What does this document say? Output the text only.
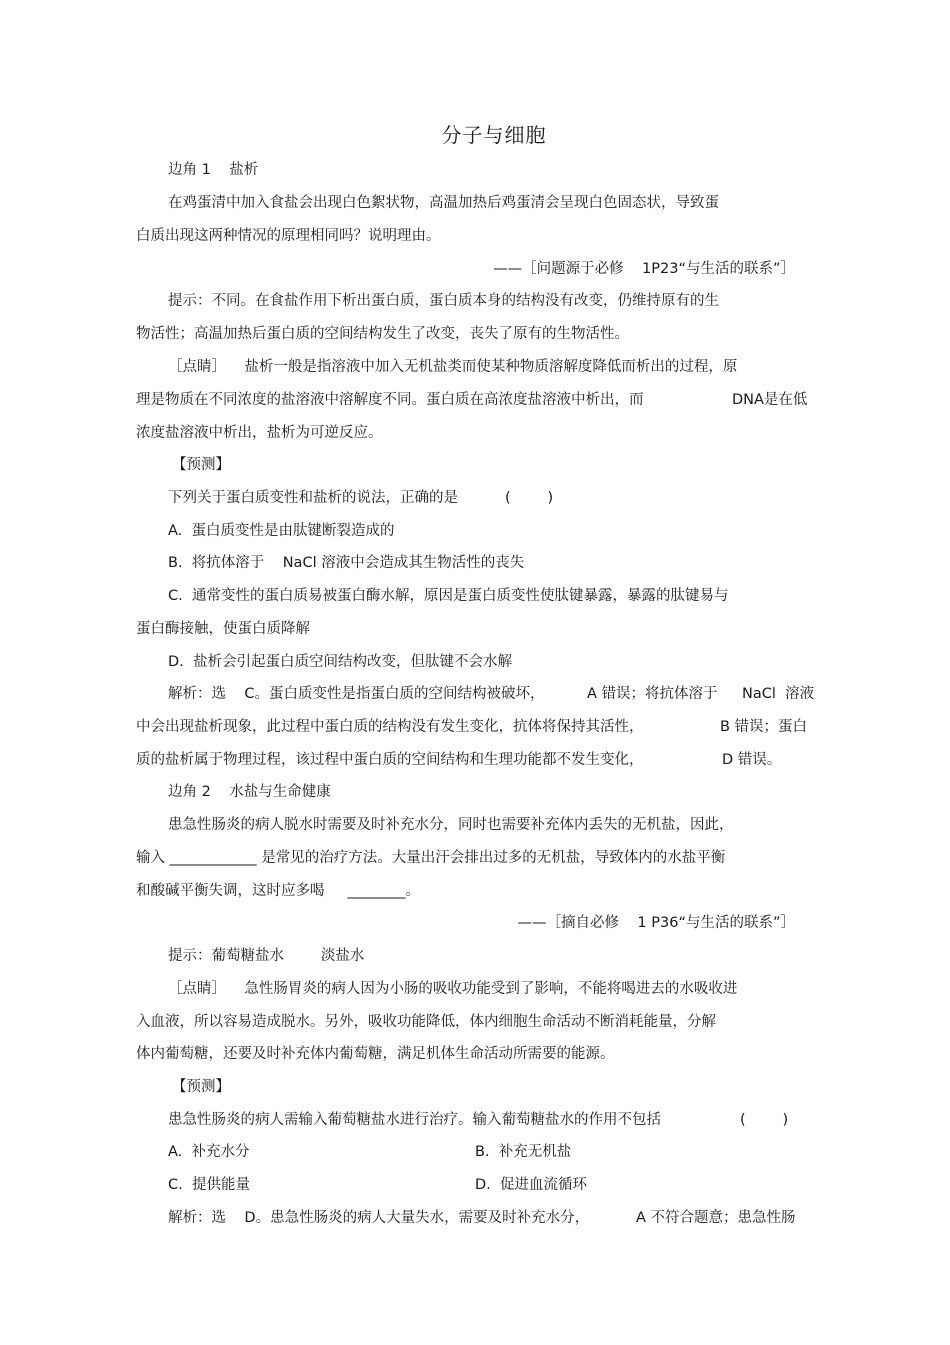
分子与细胞
边角 1    盐析
在鸡蛋清中加入食盐会出现白色絮状物，高温加热后鸡蛋清会呈现白色固态状，导致蛋
白质出现这两种情况的原理相同吗？说明理由。
——［问题源于必修    1P23“与生活的联系”］
提示：不同。在食盐作用下析出蛋白质，蛋白质本身的结构没有改变，仍维持原有的生
物活性；高温加热后蛋白质的空间结构发生了改变，丧失了原有的生物活性。
［点睛］    盐析一般是指溶液中加入无机盐类而使某种物质溶解度降低而析出的过程，原
理是物质在不同浓度的盐溶液中溶解度不同。蛋白质在高浓度盐溶液中析出，而	DNA是在低
浓度盐溶液中析出，盐析为可逆反应。
【预测】
下列关于蛋白质变性和盐析的说法，正确的是	(        )
A.  蛋白质变性是由肽键断裂造成的
B.  将抗体溶于    NaCl 溶液中会造成其生物活性的丧失
C.  通常变性的蛋白质易被蛋白酶水解，原因是蛋白质变性使肽键暴露，暴露的肽键易与
蛋白酶接触，使蛋白质降解
D.  盐析会引起蛋白质空间结构改变，但肽键不会水解
解析：选    C。蛋白质变性是指蛋白质的空间结构被破坏，	A 错误；将抗体溶于 NaCl  溶液
中会出现盐析现象，此过程中蛋白质的结构没有发生变化，抗体将保持其活性，	B 错误；蛋白
质的盐析属于物理过程，该过程中蛋白质的空间结构和生理功能都不发生变化，	D 错误。
边角 2    水盐与生命健康
患急性肠炎的病人脱水时需要及时补充水分，同时也需要补充体内丢失的无机盐，因此，
输入 ____________ 是常见的治疗方法。大量出汗会排出过多的无机盐，导致体内的水盐平衡
和酸碱平衡失调，这时应多喝     ________。
——［摘自必修    1 P36“与生活的联系”］
提示：葡萄糖盐水        淡盐水
［点睛］    急性肠胃炎的病人因为小肠的吸收功能受到了影响，不能将喝进去的水吸收进
入血液，所以容易造成脱水。另外，吸收功能降低，体内细胞生命活动不断消耗能量，分解
体内葡萄糖，还要及时补充体内葡萄糖，满足机体生命活动所需要的能源。
【预测】
患急性肠炎的病人需输入葡萄糖盐水进行治疗。输入葡萄糖盐水的作用不包括	(        )
A.  补充水分	B.  补充无机盐
C.  提供能量	D.  促进血流循环
解析：选    D。患急性肠炎的病人大量失水，需要及时补充水分，	A 不符合题意；患急性肠
